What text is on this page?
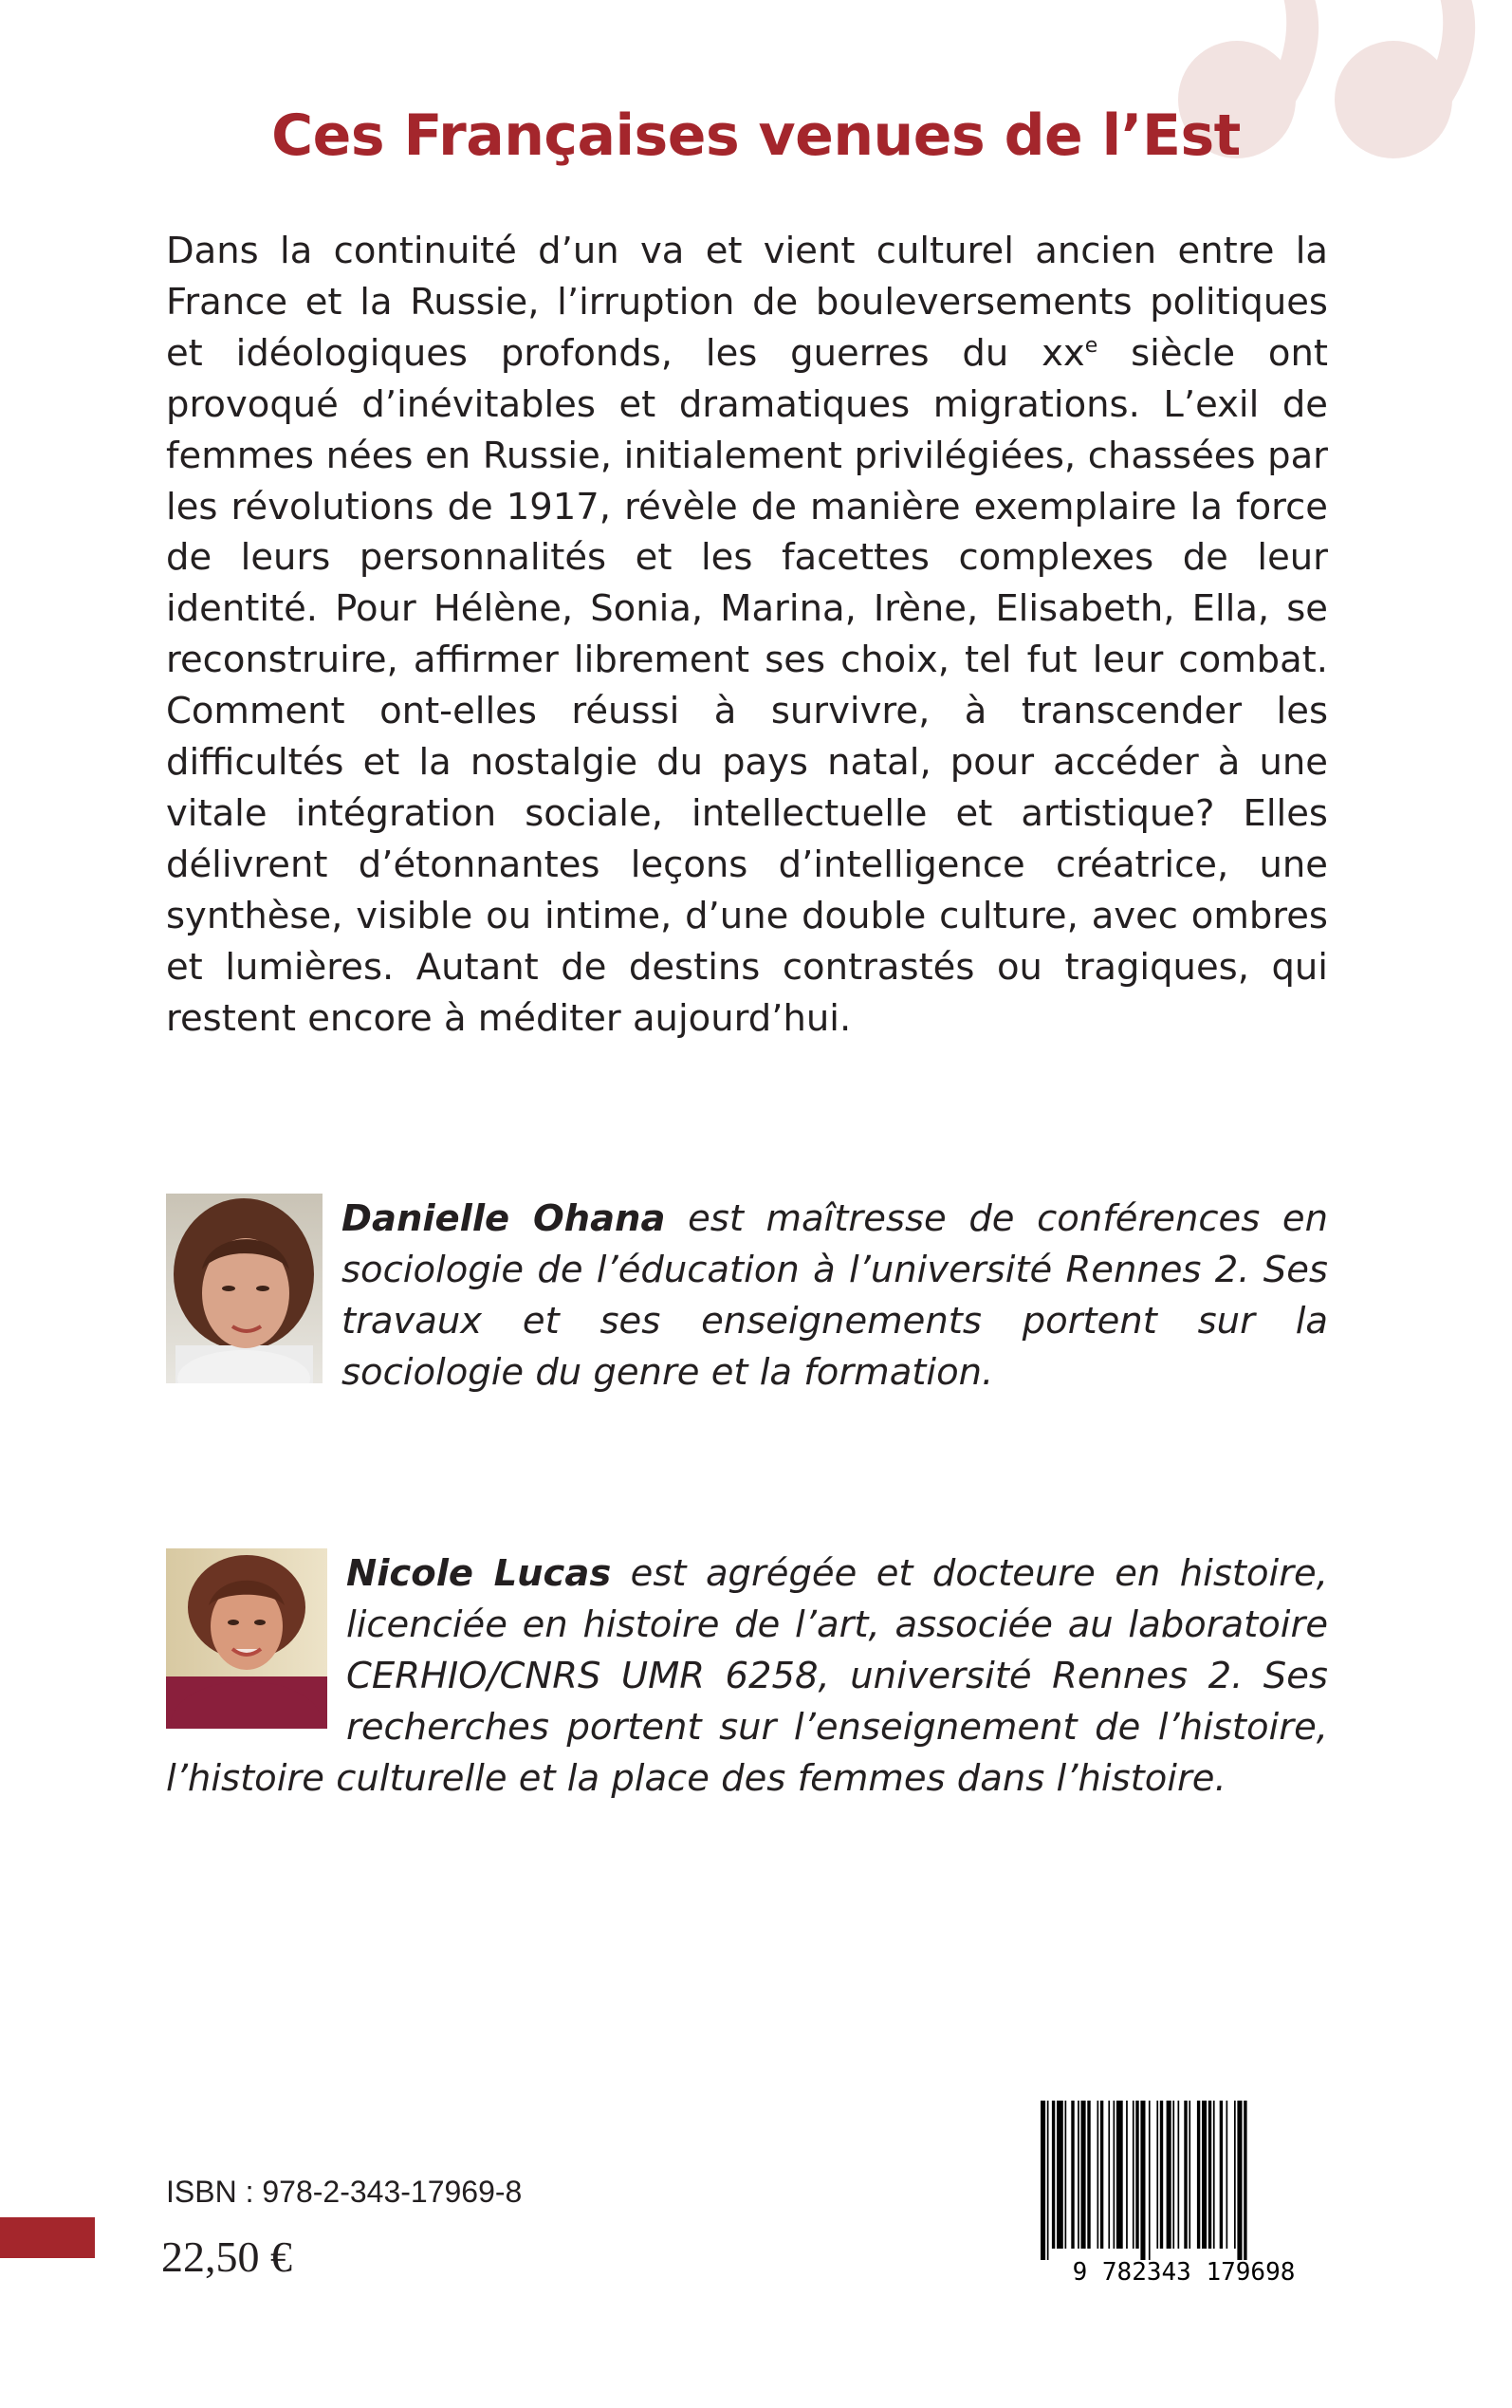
Ces Françaises venues de l’Est

Dans la continuité d’un va et vient culturel ancien entre la France et la Russie, l’irruption de bouleversements politiques et idéologiques profonds, les guerres du $xx^e$ siècle ont provoqué d’inévitables et dramatiques migrations. L’exil de femmes nées en Russie, initialement privilégiées, chassées par les révolutions de 1917, révèle de manière exemplaire la force de leurs personnalités et les facettes complexes de leur identité. Pour Hélène, Sonia, Marina, Irène, Elisabeth, Ella, se reconstruire, affirmer librement ses choix, tel fut leur combat. Comment ont-elles réussi à survivre, à transcender les difficultés et la nostalgie du pays natal, pour accéder à une vitale intégration sociale, intellectuelle et artistique? Elles délivrent d’étonnantes leçons d’intelligence créatrice, une synthèse, visible ou intime, d’une double culture, avec ombres et lumières. Autant de destins contrastés ou tragiques, qui restent encore à méditer aujourd’hui.

Danielle Ohana est maîtresse de conférences en sociologie de l’éducation à l’université Rennes 2. Ses travaux et ses enseignements portent sur la sociologie du genre et la formation.

Nicole Lucas est agrégée et docteure en histoire, licenciée en histoire de l’art, associée au laboratoire CERHIO/CNRS UMR 6258, université Rennes 2. Ses recherches portent sur l’enseignement de l’histoire, l’histoire culturelle et la place des femmes dans l’histoire.

ISBN : 978-2-343-17969-8
22,50 €	9 782343 179698
